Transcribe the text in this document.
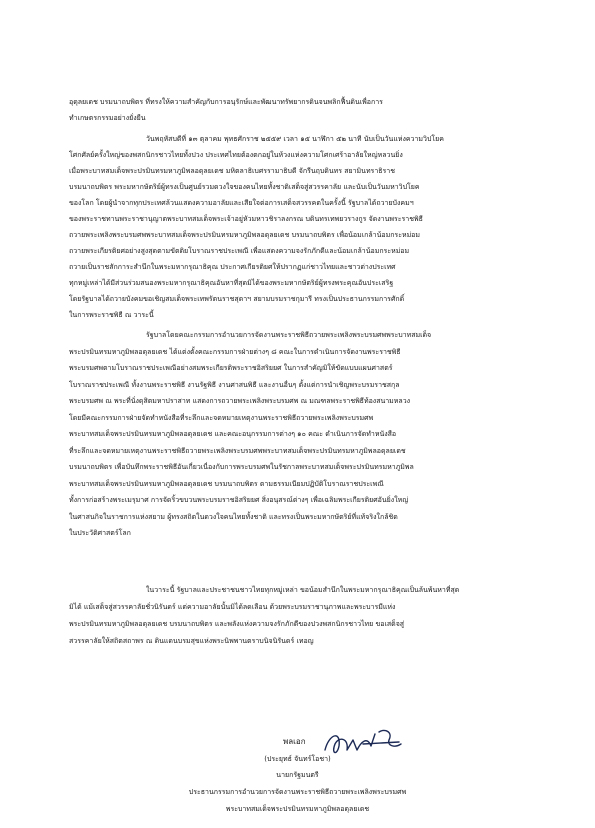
อุดุลยเดช บรมนาถบพิตร ที่ทรงให้ความสำคัญกับการอนุรักษ์และพัฒนาทรัพยากรดินจนพลิกฟื้นดินเพื่อการ
ทำเกษตรกรรมอย่างยั่งยืน
วันพฤหัสบดีที่ ๑๓ ตุลาคม พุทธศักราช ๒๕๕๙ เวลา ๑๕ นาฬิกา ๕๒ นาที นับเป็นวันแห่งความวิปโยค
โศกศัลย์ครั้งใหญ่ของพสกนิกรชาวไทยทั้งปวง ประเทศไทยต้องตกอยู่ในห้วงแห่งความโศกเศร้าอาลัยใหญ่หลวนยิ่ง
เมื่อพระบาทสมเด็จพระปรมินทรมหาภูมิพลอดุลยเดช มหิตลาธิเบศรรามาธิบดี จักรีนฤบดินทร สยามินทราธิราช
บรมนาถบพิตร พระมหากษัตริย์ผู้ทรงเป็นศูนย์รวมดวงใจของคนไทยทั้งชาติเสด็จสู่สวรรคาลัย และนับเป็นวันมหาวิปโยค
ของโลก โดยผู้นำจากทุกประเทศล้วนแสดงความอาลัยและเสียใจต่อการเสด็จสวรรคตในครั้งนี้ รัฐบาลได้ถวายบังคมฯ
ของพระราชทานพระราชานุญาตพระบาทสมเด็จพระเจ้าอยู่หัวมหาวชิราลงกรณ บดินทรเทพยวรางกูร จัดงานพระราชพิธี
ถวายพระเพลิงพระบรมศพพระบาทสมเด็จพระปรมินทรมหาภูมิพลอดุลยเดช บรมนาถบพิตร เพื่อน้อมเกล้าน้อมกระหม่อม
ถวายพระเกียรติยศอย่างสูงสุดตามขัตติยโบราณราชประเพณี เพื่อแสดงความจงรักภักดีและน้อมเกล้าน้อมกระหม่อม
ถวายเป็นราชสักการะสำนึกในพระมหากรุณาธิคุณ ประกาศเกียรติยศให้ปรากฏแก่ชาวไทยและชาวต่างประเทศ
ทุกหมู่เหล่าได้มีส่วนร่วมสนองพระมหากรุณาธิคุณอันหาที่สุดมิได้ของพระมหากษัตริย์ผู้ทรงพระคุณอันประเสริฐ
โดยรัฐบาลได้ถวายบังคมขอเชิญสมเด็จพระเทพรัตนราชสุดาฯ สยามบรมราชกุมารี ทรงเป็นประธานกรรมการศักดิ์
ในการพระราชพิธี ณ วาระนี้
รัฐบาลโดยคณะกรรมการอำนวยการจัดงานพระราชพิธีถวายพระเพลิงพระบรมศพพระบาทสมเด็จ
พระปรมินทรมหาภูมิพลอดุลยเดช ได้แต่งตั้งคณะกรรมการฝ่ายต่างๆ ๘ คณะในการดำเนินการจัดงานพระราชพิธี
พระบรมศพตามโบราณราชประเพณีอย่างสมพระเกียรติพระราชอิสริยยศ ในการสำคัญมิให้ขัดแบบแผนศาสตร์
โบราณราชประเพณี ทั้งงานพระราชพิธี งานรัฐพิธี งานศาสนพิธี และงานอื่นๆ ตั้งแต่การนำเชิญพระบรมราชสกุล
พระบรมศพ ณ พระที่นั่งดุสิตมหาปราสาท แสดงการถวายพระเพลิงพระบรมศพ ณ มณฑลพระราชพิธีท้องสนามหลวง
โดยมีคณะกรรมการฝ่ายจัดทำหนังสือที่ระลึกและจดหมายเหตุงานพระราชพิธีถวายพระเพลิงพระบรมศพ
พระบาทสมเด็จพระปรมินทรมหาภูมิพลอดุลยเดช และคณะอนุกรรมการต่างๆ ๑๐ คณะ ดำเนินการจัดทำหนังสือ
ที่ระลึกและจดหมายเหตุงานพระราชพิธีถวายพระเพลิงพระบรมศพพระบาทสมเด็จพระปรมินทรมหาภูมิพลอดุลยเดช
บรมนาถบพิตร เพื่อบันทึกพระราชพิธีอันเกี่ยวเนื่องกับการพระบรมศพในรัชกาลพระบาทสมเด็จพระปรมินทรมหาภูมิพล
พระบาทสมเด็จพระปรมินทรมหาภูมิพลอดุลยเดช บรมนาถบพิตร ตามธรรมเนียมปฏิบัติโบราณราชประเพณี
ทั้งการก่อสร้างพระเมรุมาศ การจัดริ้วขบวนพระบรมราชอิสริยยศ สิ่งอนุสรณ์ต่างๆ เพื่อเฉลิมพระเกียรติยศอันยิ่งใหญ่
ในศาสนกิจในราชการแห่งสยาม ผู้ทรงสถิตในดวงใจคนไทยทั้งชาติ และทรงเป็นพระมหากษัตริย์ที่แท้จริงใกล้ชิด
ในประวัติศาสตร์โลก
ในวาระนี้ รัฐบาลและประชาชนชาวไทยทุกหมู่เหล่า ขอน้อมสำนึกในพระมหากรุณาธิคุณเป็นล้นพ้นหาที่สุด
มิได้ แม้เสด็จสู่สวรรคาลัยชั่วนิรันดร์ แต่ความอาลัยนั้นมิได้ลดเลือน ด้วยพระบรมราชานุภาพและพระบารมีแห่ง
พระปรมินทรมหาภูมิพลอดุลยเดช บรมนาถบพิตร และพลังแห่งความจงรักภักดีของปวงพสกนิกรชาวไทย ขอเสด็จสู่
สวรรคาลัยให้สถิตสถาพร ณ ดินแดนบรมสุขแห่งพระนิพพานตราบนิจนิรันดร์ เทอญ
พลเอก
(ประยุทธ์ จันทร์โอชา)
นายกรัฐมนตรี
ประธานกรรมการอำนวยการจัดงานพระราชพิธีถวายพระเพลิงพระบรมศพ
พระบาทสมเด็จพระปรมินทรมหาภูมิพลอดุลยเดช
